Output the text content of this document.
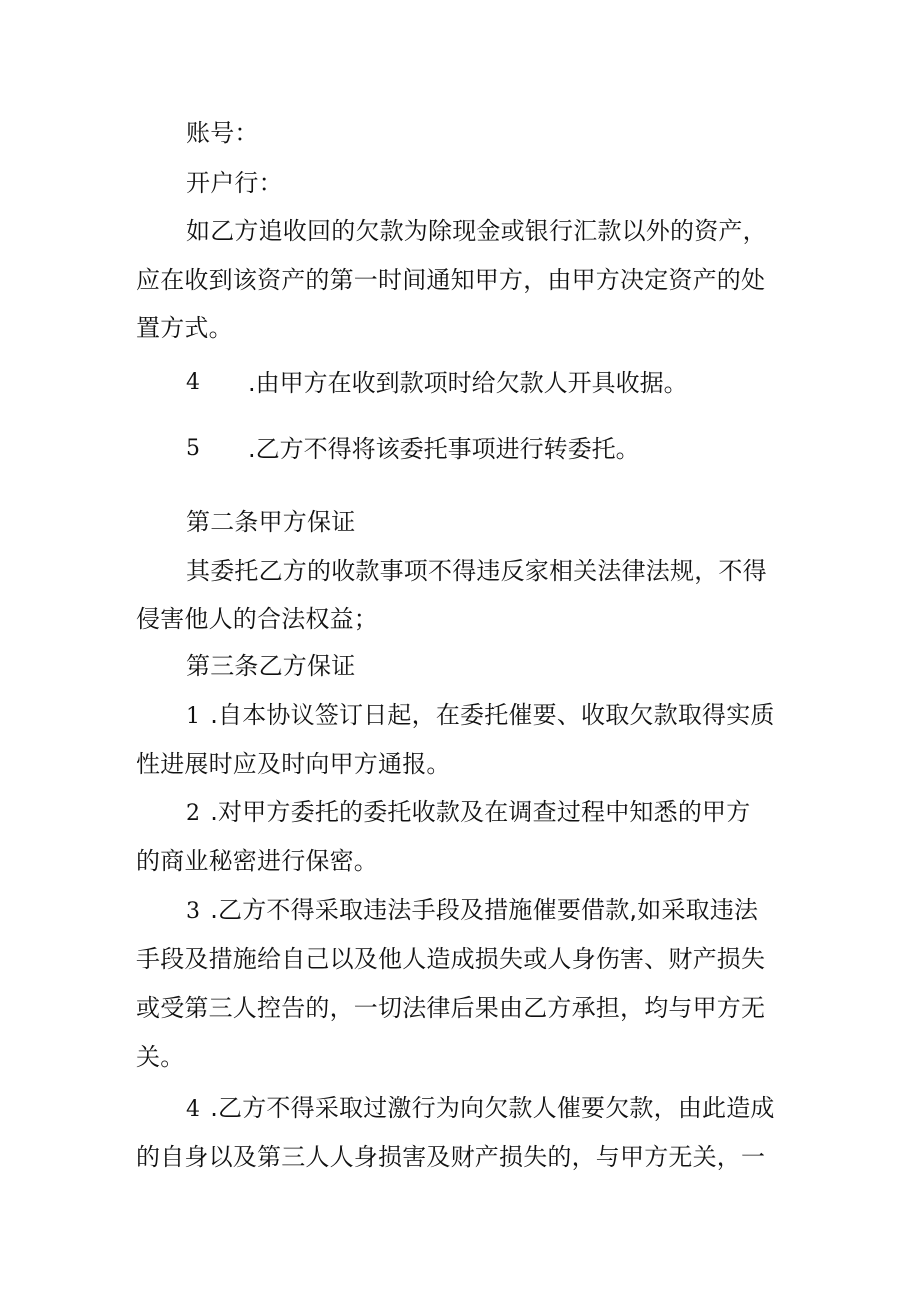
账号：
开户行：
如乙方追收回的欠款为除现金或银行汇款以外的资产，
应在收到该资产的第一时间通知甲方，由甲方决定资产的处
置方式。
4 .由甲方在收到款项时给欠款人开具收据。
5 .乙方不得将该委托事项进行转委托。
第二条甲方保证
其委托乙方的收款事项不得违反家相关法律法规，不得
侵害他人的合法权益；
第三条乙方保证
1 .自本协议签订日起，在委托催要、收取欠款取得实质
性进展时应及时向甲方通报。
2 .对甲方委托的委托收款及在调查过程中知悉的甲方
的商业秘密进行保密。
3 .乙方不得采取违法手段及措施催要借款,如采取违法
手段及措施给自己以及他人造成损失或人身伤害、财产损失
或受第三人控告的，一切法律后果由乙方承担，均与甲方无
关。
4 .乙方不得采取过激行为向欠款人催要欠款，由此造成
的自身以及第三人人身损害及财产损失的，与甲方无关，一
